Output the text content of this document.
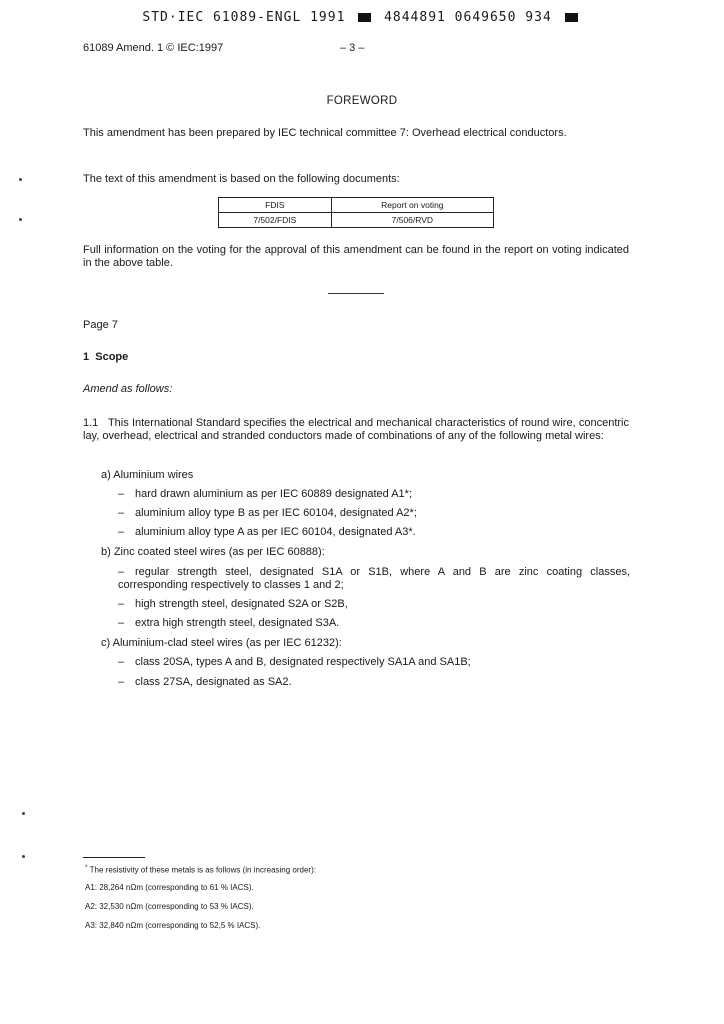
STD·IEC 61089-ENGL 1991	4844891 0649650 934
61089 Amend. 1 © IEC:1997	– 3 –
FOREWORD
This amendment has been prepared by IEC technical committee 7: Overhead electrical conductors.
The text of this amendment is based on the following documents:
FDIS	Report on voting
7/502/FDIS	7/506/RVD
Full information on the voting for the approval of this amendment can be found in the report on voting indicated in the above table.
Page 7
1 Scope
Amend as follows:
1.1 This International Standard specifies the electrical and mechanical characteristics of round wire, concentric lay, overhead, electrical and stranded conductors made of combinations of any of the following metal wires:
a) Aluminium wires
– hard drawn aluminium as per IEC 60889 designated A1*;
– aluminium alloy type B as per IEC 60104, designated A2*;
– aluminium alloy type A as per IEC 60104, designated A3*.
b) Zinc coated steel wires (as per IEC 60888):
– regular strength steel, designated S1A or S1B, where A and B are zinc coating classes, corresponding respectively to classes 1 and 2;
– high strength steel, designated S2A or S2B,
– extra high strength steel, designated S3A.
c) Aluminium-clad steel wires (as per IEC 61232):
– class 20SA, types A and B, designated respectively SA1A and SA1B;
– class 27SA, designated as SA2.
* The resistivity of these metals is as follows (in increasing order):
A1: 28,264 nΩm (corresponding to 61 % IACS).
A2: 32,530 nΩm (corresponding to 53 % IACS).
A3: 32,840 nΩm (corresponding to 52,5 % IACS).
